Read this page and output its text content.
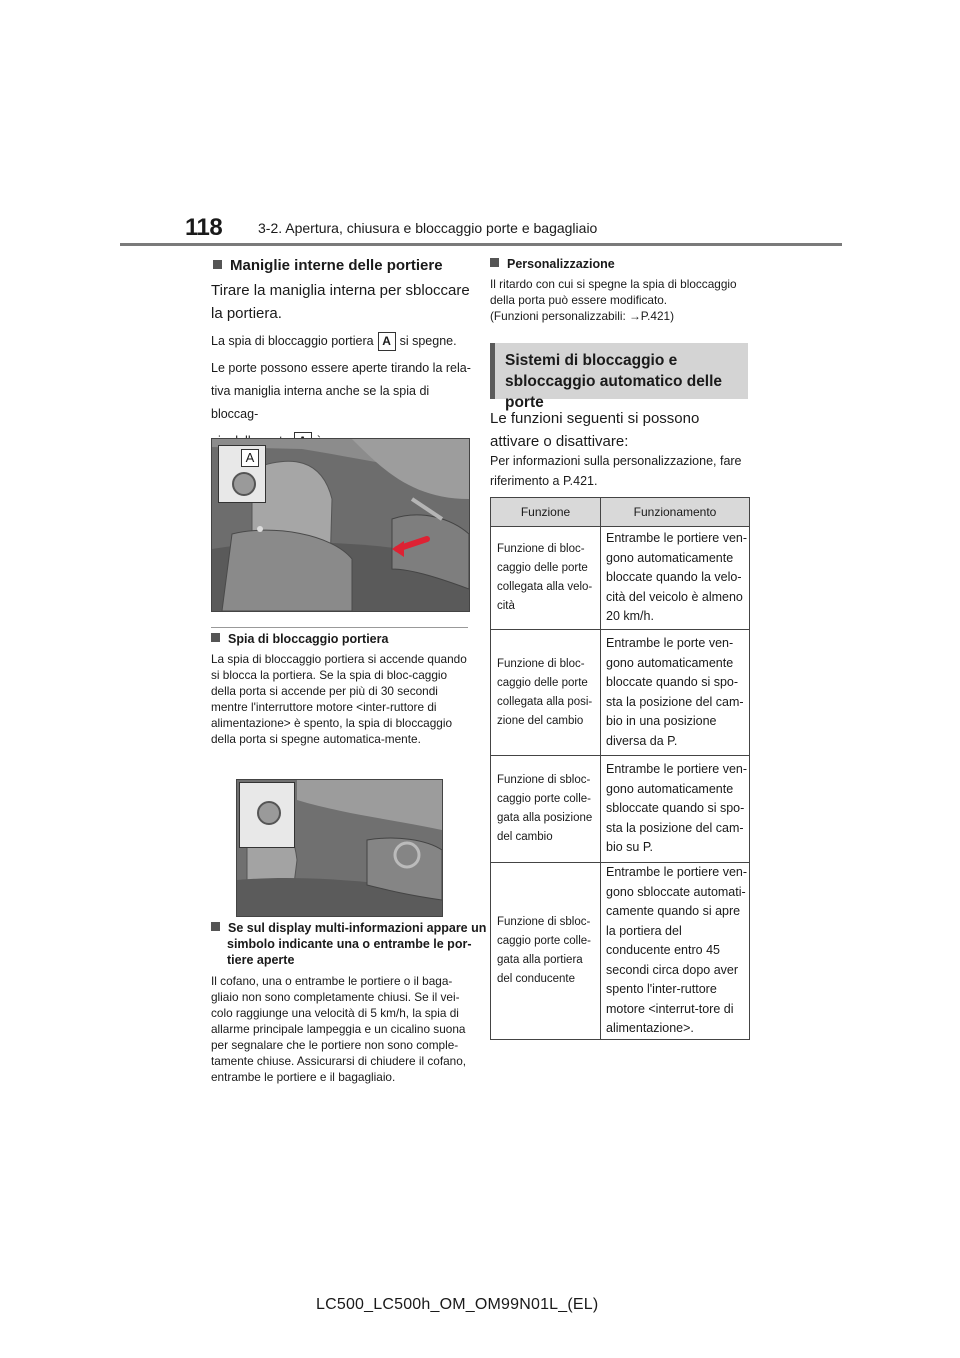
118	3-2. Apertura, chiusura e bloccaggio porte e bagagliaio
Maniglie interne delle portiere
Tirare la maniglia interna per sbloccare la portiera.
La spia di bloccaggio portiera A si spegne.
Le porte possono essere aperte tirando la rela-
tiva maniglia interna anche se la spia di bloccag-
A
Spia di bloccaggio portiera
La spia di bloccaggio portiera si accende quando si blocca la portiera. Se la spia di bloc-caggio della porta si accende per più di 30 secondi mentre l'interruttore motore <inter-ruttore di alimentazione> è spento, la spia di bloccaggio della porta si spegne automatica-mente.
Se sul display multi-informazioni appare un simbolo indicante una o entrambe le por-tiere aperte
Il cofano, una o entrambe le portiere o il baga-gliaio non sono completamente chiusi. Se il vei-colo raggiunge una velocità di 5 km/h, la spia di allarme principale lampeggia e un cicalino suona per segnalare che le portiere non sono comple-tamente chiuse. Assicurarsi di chiudere il cofano, entrambe le portiere e il bagagliaio.
Personalizzazione
Il ritardo con cui si spegne la spia di bloccaggio della porta può essere modificato.
(Funzioni personalizzabili: →P.421)
Sistemi di bloccaggio e sbloccaggio automatico delle porte
Le funzioni seguenti si possono attivare o disattivare:
Per informazioni sulla personalizzazione, fare riferimento a P.421.
Funzione	Funzionamento
Funzione di bloc-caggio delle porte collegata alla velo-cità	Entrambe le portiere ven-gono automaticamente bloccate quando la velo-cità del veicolo è almeno 20 km/h.
Funzione di bloc-caggio delle porte collegata alla posi-zione del cambio	Entrambe le porte ven-gono automaticamente bloccate quando si spo-sta la posizione del cam-bio in una posizione diversa da P.
Funzione di sbloc-caggio porte colle-gata alla posizione del cambio	Entrambe le portiere ven-gono automaticamente sbloccate quando si spo-sta la posizione del cam-bio su P.
Funzione di sbloc-caggio porte colle-gata alla portiera del conducente	Entrambe le portiere ven-gono sbloccate automati-camente quando si apre la portiera del conducente entro 45 secondi circa dopo aver spento l'inter-ruttore motore <interrut-tore di alimentazione>.
LC500_LC500h_OM_OM99N01L_(EL)
